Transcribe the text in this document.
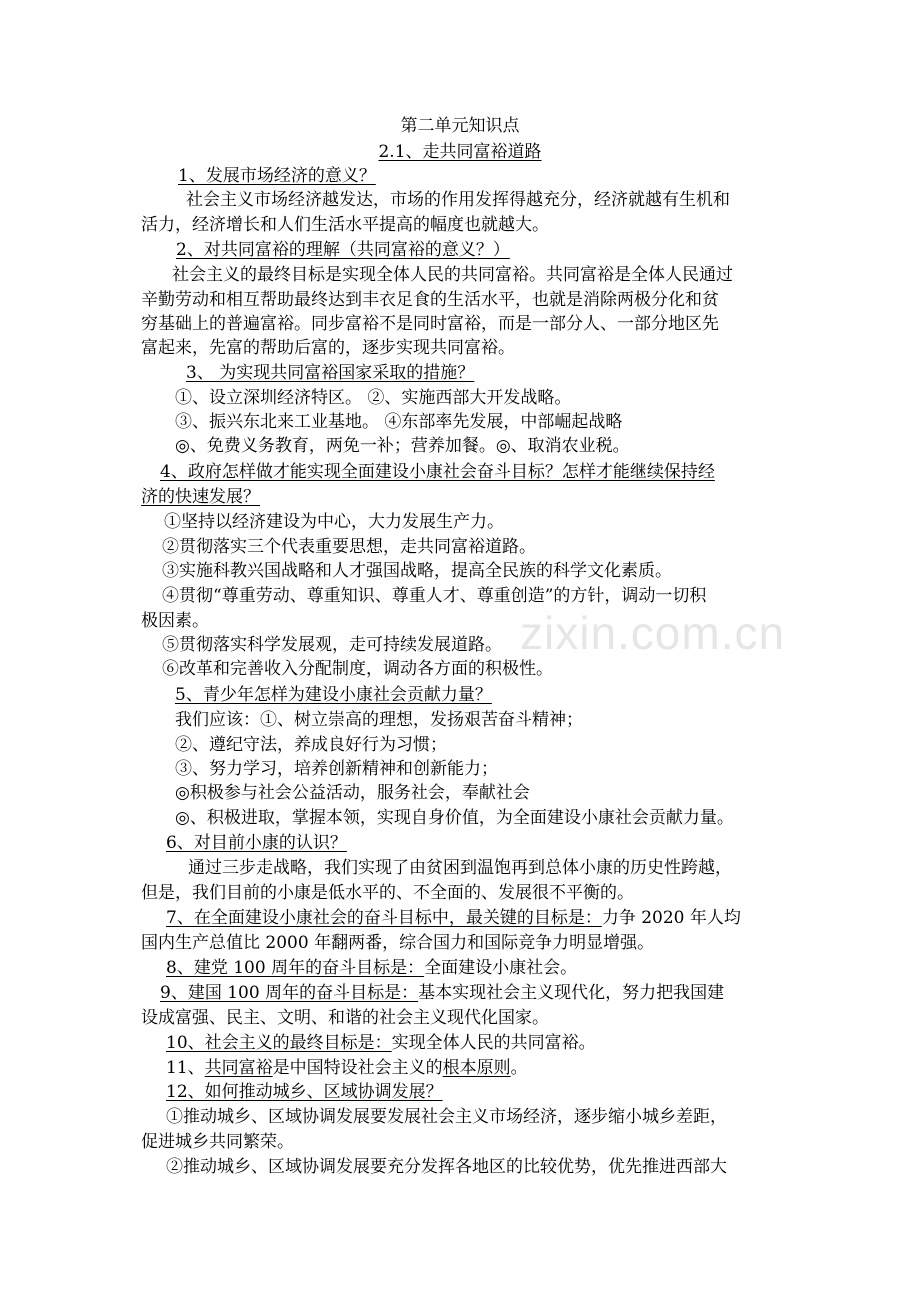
zixin.com.cn
第二单元知识点
2.1、走共同富裕道路
1、发展市场经济的意义？
社会主义市场经济越发达，市场的作用发挥得越充分，经济就越有生机和
活力，经济增长和人们生活水平提高的幅度也就越大。
2、对共同富裕的理解（共同富裕的意义？）
社会主义的最终目标是实现全体人民的共同富裕。共同富裕是全体人民通过
辛勤劳动和相互帮助最终达到丰衣足食的生活水平，也就是消除两极分化和贫
穷基础上的普遍富裕。同步富裕不是同时富裕，而是一部分人、一部分地区先
富起来，先富的帮助后富的，逐步实现共同富裕。
3、 为实现共同富裕国家采取的措施？
①、设立深圳经济特区。 ②、实施西部大开发战略。
③、振兴东北来工业基地。 ④东部率先发展，中部崛起战略
◎、免费义务教育，两免一补；营养加餐。◎、取消农业税。
4、政府怎样做才能实现全面建设小康社会奋斗目标？怎样才能继续保持经
济的快速发展？
①坚持以经济建设为中心，大力发展生产力。
②贯彻落实三个代表重要思想，走共同富裕道路。
③实施科教兴国战略和人才强国战略，提高全民族的科学文化素质。
④贯彻“尊重劳动、尊重知识、尊重人才、尊重创造”的方针，调动一切积
极因素。
⑤贯彻落实科学发展观，走可持续发展道路。
⑥改革和完善收入分配制度，调动各方面的积极性。
5、青少年怎样为建设小康社会贡献力量？
我们应该：①、树立崇高的理想，发扬艰苦奋斗精神；
②、遵纪守法，养成良好行为习惯；
③、努力学习，培养创新精神和创新能力；
◎积极参与社会公益活动，服务社会，奉献社会
◎、积极进取，掌握本领，实现自身价值，为全面建设小康社会贡献力量。
6、对目前小康的认识？
通过三步走战略，我们实现了由贫困到温饱再到总体小康的历史性跨越，
但是，我们目前的小康是低水平的、不全面的、发展很不平衡的。
7、在全面建设小康社会的奋斗目标中，最关键的目标是：力争 2020 年人均
国内生产总值比 2000 年翻两番，综合国力和国际竞争力明显增强。
8、建党 100 周年的奋斗目标是：全面建设小康社会。
9、建国 100 周年的奋斗目标是：基本实现社会主义现代化，努力把我国建
设成富强、民主、文明、和谐的社会主义现代化国家。
10、社会主义的最终目标是：实现全体人民的共同富裕。
11、共同富裕是中国特设社会主义的根本原则。
12、如何推动城乡、区域协调发展？
①推动城乡、区域协调发展要发展社会主义市场经济，逐步缩小城乡差距，
促进城乡共同繁荣。
②推动城乡、区域协调发展要充分发挥各地区的比较优势，优先推进西部大
